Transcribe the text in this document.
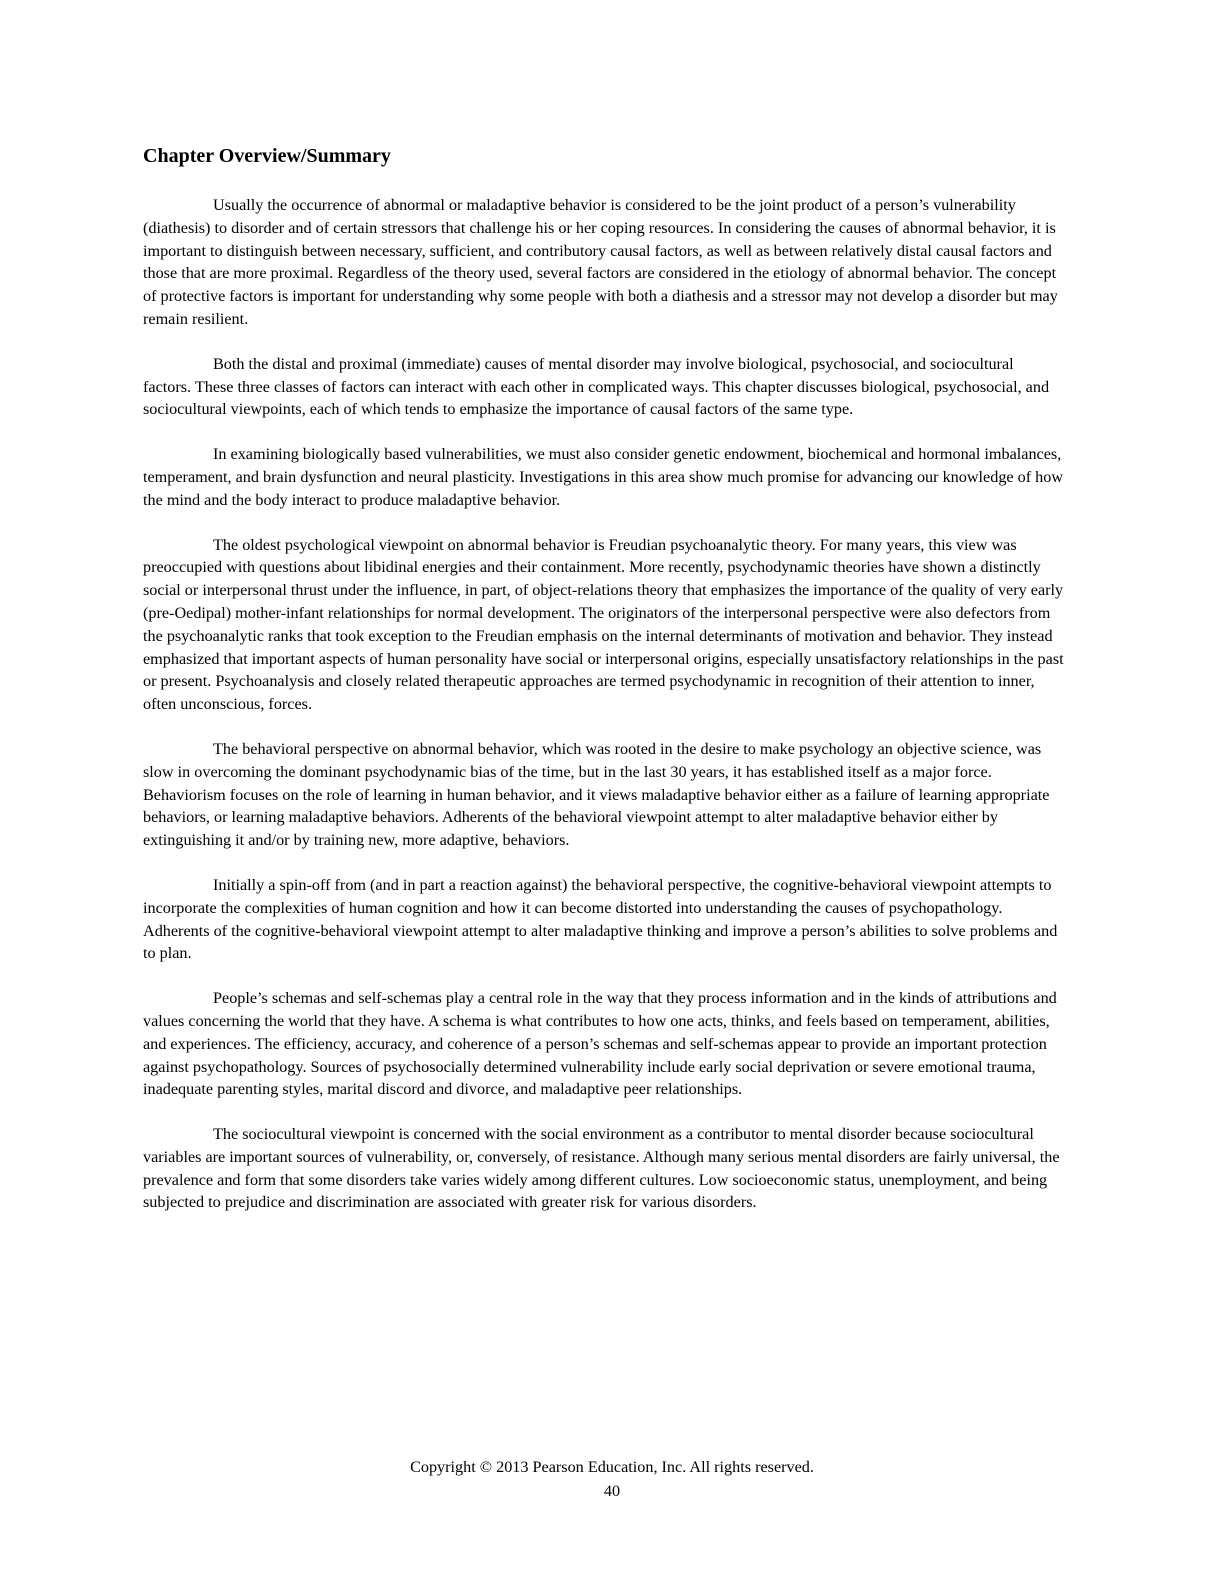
Chapter Overview/Summary

Usually the occurrence of abnormal or maladaptive behavior is considered to be the joint product of a person’s vulnerability (diathesis) to disorder and of certain stressors that challenge his or her coping resources. In considering the causes of abnormal behavior, it is important to distinguish between necessary, sufficient, and contributory causal factors, as well as between relatively distal causal factors and those that are more proximal. Regardless of the theory used, several factors are considered in the etiology of abnormal behavior. The concept of protective factors is important for understanding why some people with both a diathesis and a stressor may not develop a disorder but may remain resilient.

Both the distal and proximal (immediate) causes of mental disorder may involve biological, psychosocial, and sociocultural factors. These three classes of factors can interact with each other in complicated ways. This chapter discusses biological, psychosocial, and sociocultural viewpoints, each of which tends to emphasize the importance of causal factors of the same type.

In examining biologically based vulnerabilities, we must also consider genetic endowment, biochemical and hormonal imbalances, temperament, and brain dysfunction and neural plasticity. Investigations in this area show much promise for advancing our knowledge of how the mind and the body interact to produce maladaptive behavior.

The oldest psychological viewpoint on abnormal behavior is Freudian psychoanalytic theory. For many years, this view was preoccupied with questions about libidinal energies and their containment. More recently, psychodynamic theories have shown a distinctly social or interpersonal thrust under the influence, in part, of object-relations theory that emphasizes the importance of the quality of very early (pre-Oedipal) mother-infant relationships for normal development. The originators of the interpersonal perspective were also defectors from the psychoanalytic ranks that took exception to the Freudian emphasis on the internal determinants of motivation and behavior. They instead emphasized that important aspects of human personality have social or interpersonal origins, especially unsatisfactory relationships in the past or present. Psychoanalysis and closely related therapeutic approaches are termed psychodynamic in recognition of their attention to inner, often unconscious, forces.

The behavioral perspective on abnormal behavior, which was rooted in the desire to make psychology an objective science, was slow in overcoming the dominant psychodynamic bias of the time, but in the last 30 years, it has established itself as a major force. Behaviorism focuses on the role of learning in human behavior, and it views maladaptive behavior either as a failure of learning appropriate behaviors, or learning maladaptive behaviors. Adherents of the behavioral viewpoint attempt to alter maladaptive behavior either by extinguishing it and/or by training new, more adaptive, behaviors.

Initially a spin-off from (and in part a reaction against) the behavioral perspective, the cognitive-behavioral viewpoint attempts to incorporate the complexities of human cognition and how it can become distorted into understanding the causes of psychopathology. Adherents of the cognitive-behavioral viewpoint attempt to alter maladaptive thinking and improve a person’s abilities to solve problems and to plan.

People’s schemas and self-schemas play a central role in the way that they process information and in the kinds of attributions and values concerning the world that they have. A schema is what contributes to how one acts, thinks, and feels based on temperament, abilities, and experiences. The efficiency, accuracy, and coherence of a person’s schemas and self-schemas appear to provide an important protection against psychopathology. Sources of psychosocially determined vulnerability include early social deprivation or severe emotional trauma, inadequate parenting styles, marital discord and divorce, and maladaptive peer relationships.

The sociocultural viewpoint is concerned with the social environment as a contributor to mental disorder because sociocultural variables are important sources of vulnerability, or, conversely, of resistance. Although many serious mental disorders are fairly universal, the prevalence and form that some disorders take varies widely among different cultures. Low socioeconomic status, unemployment, and being subjected to prejudice and discrimination are associated with greater risk for various disorders.

Copyright © 2013 Pearson Education, Inc. All rights reserved.
40
